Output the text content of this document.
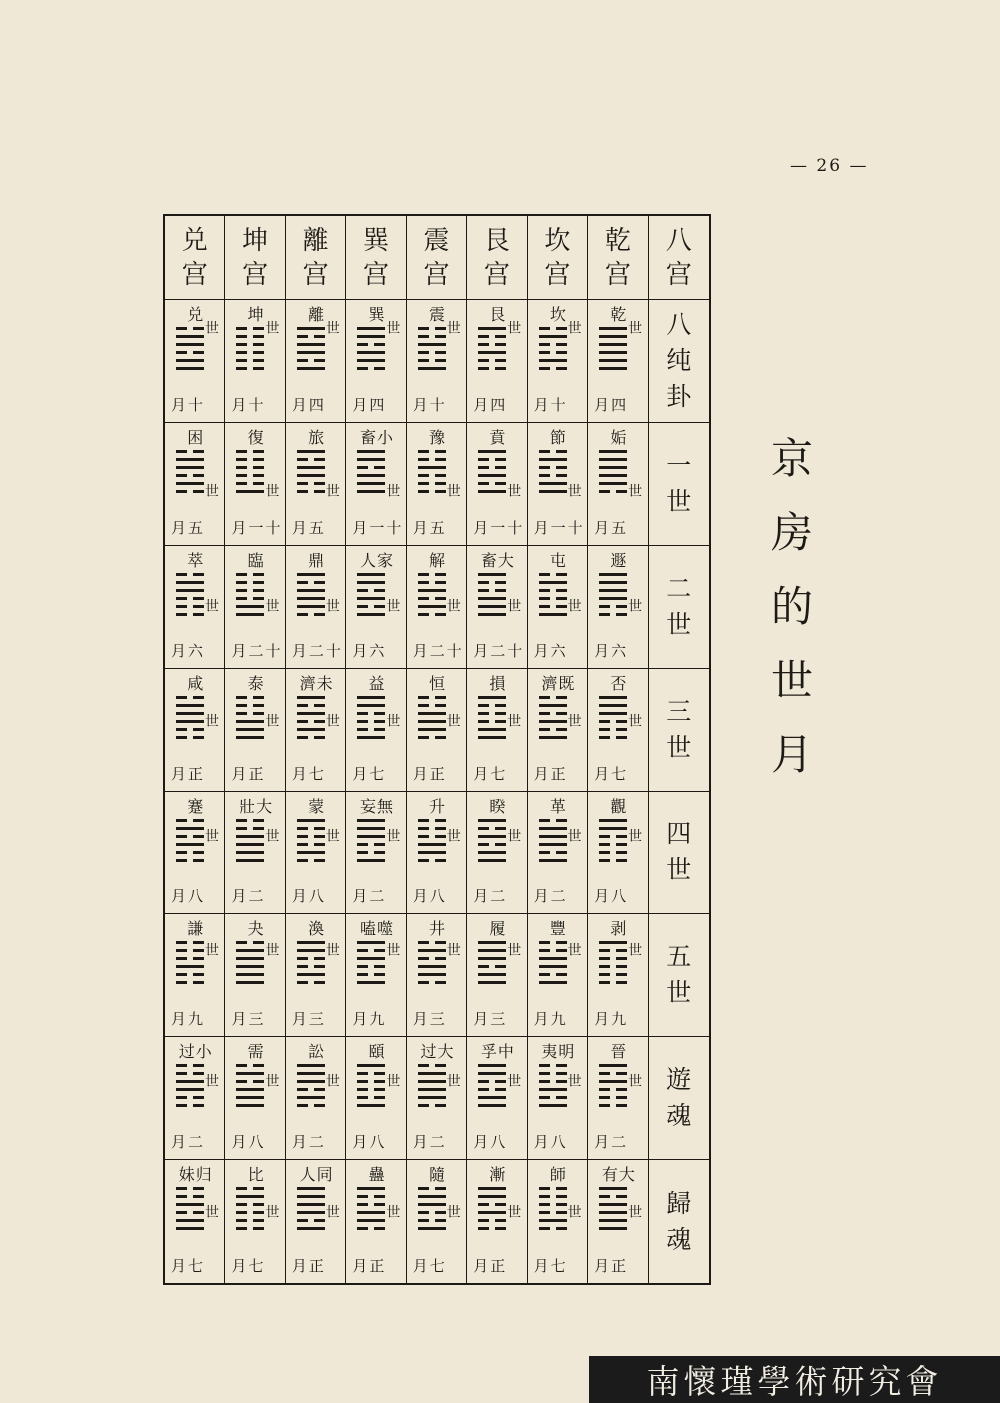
— 26 —
京
房
的
世
月
兑
宫
坤
宫
離
宫
巽
宫
震
宫
艮
宫
坎
宫
乾
宫
八
宫
兑
世
月十
坤
世
月十
離
世
月四
巽
世
月四
震
世
月十
艮
世
月四
坎
世
月十
乾
世
月四
八
纯
卦
困
世
月五
復
世
月一十
旅
世
月五
畜小
世
月一十
豫
世
月五
賁
世
月一十
節
世
月一十
姤
世
月五
一
世
萃
世
月六
臨
世
月二十
鼎
世
月二十
人家
世
月六
解
世
月二十
畜大
世
月二十
屯
世
月六
遯
世
月六
二
世
咸
世
月正
泰
世
月正
濟未
世
月七
益
世
月七
恒
世
月正
損
世
月七
濟既
世
月正
否
世
月七
三
世
蹇
世
月八
壯大
世
月二
蒙
世
月八
妄無
世
月二
升
世
月八
睽
世
月二
革
世
月二
觀
世
月八
四
世
謙
世
月九
夬
世
月三
渙
世
月三
嗑噬
世
月九
井
世
月三
履
世
月三
豐
世
月九
剥
世
月九
五
世
过小
世
月二
需
世
月八
訟
世
月二
頤
世
月八
过大
世
月二
孚中
世
月八
夷明
世
月八
晉
世
月二
遊
魂
妹归
世
月七
比
世
月七
人同
世
月正
蠱
世
月正
隨
世
月七
漸
世
月正
師
世
月七
有大
世
月正
歸
魂
南懷瑾學術研究會
